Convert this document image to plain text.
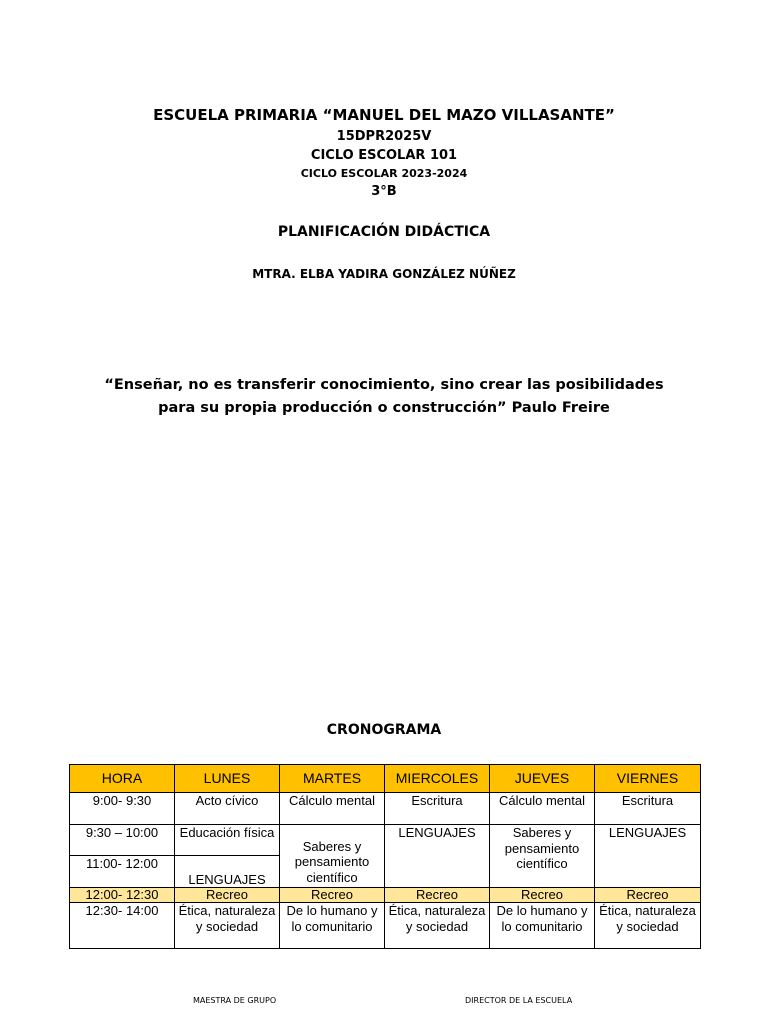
ESCUELA PRIMARIA “MANUEL DEL MAZO VILLASANTE”
15DPR2025V
CICLO ESCOLAR 101
CICLO ESCOLAR 2023-2024
3°B
PLANIFICACIÓN DIDÁCTICA
MTRA. ELBA YADIRA GONZÁLEZ NÚÑEZ
“Enseñar, no es transferir conocimiento, sino crear las posibilidades para su propia producción o construcción” Paulo Freire
CRONOGRAMA
HORA	LUNES	MARTES	MIERCOLES	JUEVES	VIERNES
9:00- 9:30	Acto cívico	Cálculo mental	Escritura	Cálculo mental	Escritura
9:30 – 10:00	Educación física	Saberes y pensamiento científico	LENGUAJES	Saberes y pensamiento científico	LENGUAJES
11:00- 12:00	LENGUAJES				
12:00- 12:30	Recreo	Recreo	Recreo	Recreo	Recreo
12:30- 14:00	Ética, naturaleza y sociedad	De lo humano y lo comunitario	Ética, naturaleza y sociedad	De lo humano y lo comunitario	Ética, naturaleza y sociedad
MAESTRA DE GRUPO	DIRECTOR DE LA ESCUELA
